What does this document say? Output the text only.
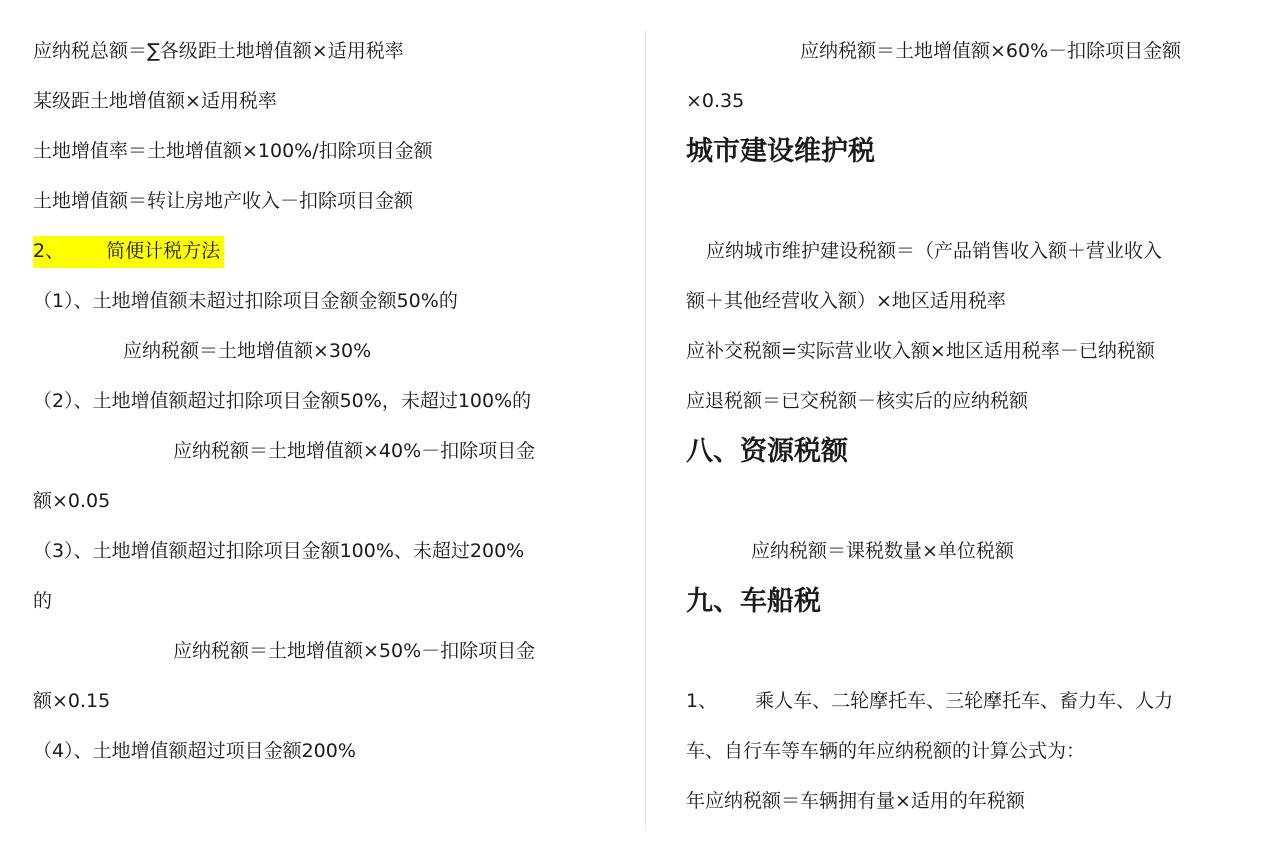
应纳税总额＝∑各级距土地增值额×适用税率
某级距土地增值额×适用税率
土地增值率＝土地增值额×100%/扣除项目金额
土地增值额＝转让房地产收入－扣除项目金额
2、 简便计税方法
（1）、土地增值额未超过扣除项目金额金额50%的
应纳税额＝土地增值额×30%
（2）、土地增值额超过扣除项目金额50%，未超过100%的
应纳税额＝土地增值额×40%－扣除项目金
额×0.05
（3）、土地增值额超过扣除项目金额100%、未超过200%
的
应纳税额＝土地增值额×50%－扣除项目金
额×0.15
（4）、土地增值额超过项目金额200%
应纳税额＝土地增值额×60%－扣除项目金额
×0.35
城市建设维护税
应纳城市维护建设税额＝（产品销售收入额＋营业收入
额＋其他经营收入额）×地区适用税率
应补交税额=实际营业收入额×地区适用税率－已纳税额
应退税额＝已交税额－核实后的应纳税额
八、资源税额
应纳税额＝课税数量×单位税额
九、车船税
1、 乘人车、二轮摩托车、三轮摩托车、畜力车、人力
车、自行车等车辆的年应纳税额的计算公式为：
年应纳税额＝车辆拥有量×适用的年税额
